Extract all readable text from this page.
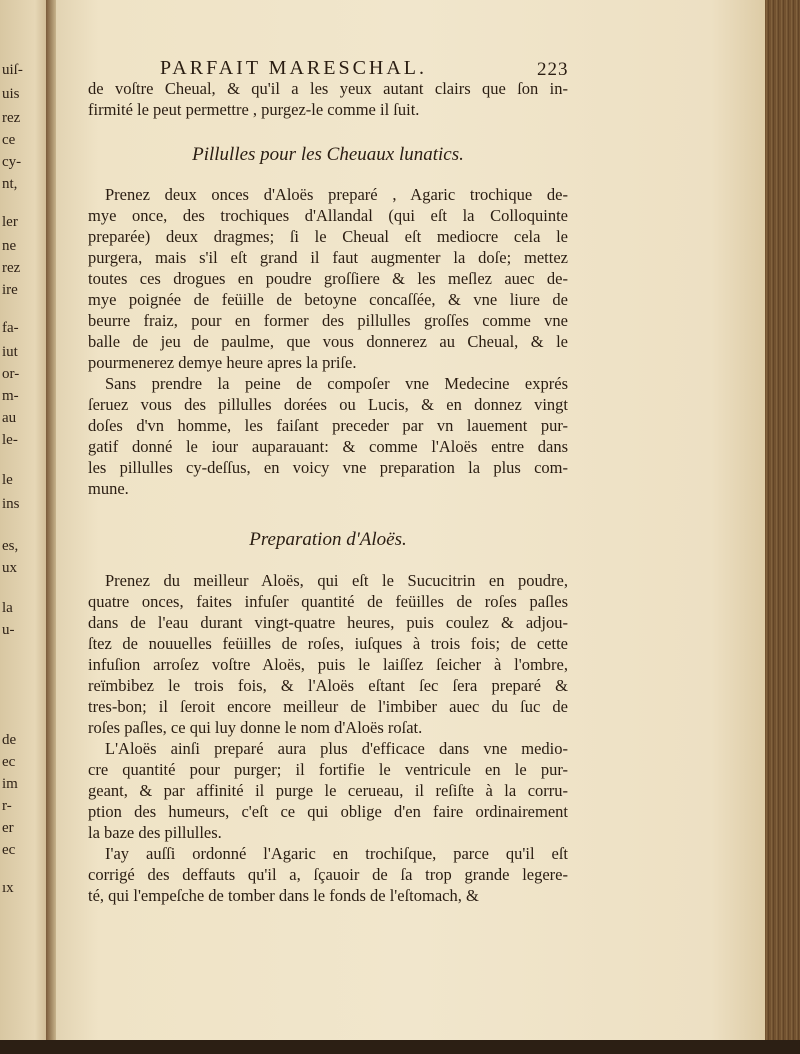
uiſ-
uis
rez
ce
cy-
nt,
ler
ne
rez
ire
fa-
iut
or-
m-
au
le-
le
ins
es,
ux
la
u-
de
ec
im
r-
er
ec
ıx
PARFAIT MARESCHAL.	223
de voſtre Cheual, & qu'il a les yeux autant clairs que ſon in-
firmité le peut permettre , purgez-le comme il ſuit.
Pillulles pour les Cheuaux lunatics.
Prenez deux onces d'Aloës preparé , Agaric trochique de-
mye once, des trochiques d'Allandal (qui eſt la Colloquinte
preparée) deux dragmes; ſi le Cheual eſt mediocre cela le
purgera, mais s'il eſt grand il faut augmenter la doſe; mettez
toutes ces drogues en poudre groſſiere & les meſlez auec de-
mye poignée de feüille de betoyne concaſſée, & vne liure de
beurre fraiz, pour en former des pillulles groſſes comme vne
balle de jeu de paulme, que vous donnerez au Cheual, & le
pourmenerez demye heure apres la priſe.
Sans prendre la peine de compoſer vne Medecine exprés
ſeruez vous des pillulles dorées ou Lucis, & en donnez vingt
doſes d'vn homme, les faiſant preceder par vn lauement pur-
gatif donné le iour auparauant: & comme l'Aloës entre dans
les pillulles cy-deſſus, en voicy vne preparation la plus com-
mune.
Preparation d'Aloës.
Prenez du meilleur Aloës, qui eſt le Sucucitrin en poudre,
quatre onces, faites infuſer quantité de feüilles de roſes paſles
dans de l'eau durant vingt-quatre heures, puis coulez & adjou-
ſtez de nouuelles feüilles de roſes, iuſques à trois fois; de cette
infuſion arroſez voſtre Aloës, puis le laiſſez ſeicher à l'ombre,
reïmbibez le trois fois, & l'Aloës eſtant ſec ſera preparé &
tres-bon; il ſeroit encore meilleur de l'imbiber auec du ſuc de
roſes paſles, ce qui luy donne le nom d'Aloës roſat.
L'Aloës ainſi preparé aura plus d'efficace dans vne medio-
cre quantité pour purger; il fortifie le ventricule en le pur-
geant, & par affinité il purge le cerueau, il reſiſte à la corru-
ption des humeurs, c'eſt ce qui oblige d'en faire ordinairement
la baze des pillulles.
I'ay auſſi ordonné l'Agaric en trochiſque, parce qu'il eſt
corrigé des deffauts qu'il a, ſçauoir de ſa trop grande legere-
té, qui l'empeſche de tomber dans le fonds de l'eſtomach, &
